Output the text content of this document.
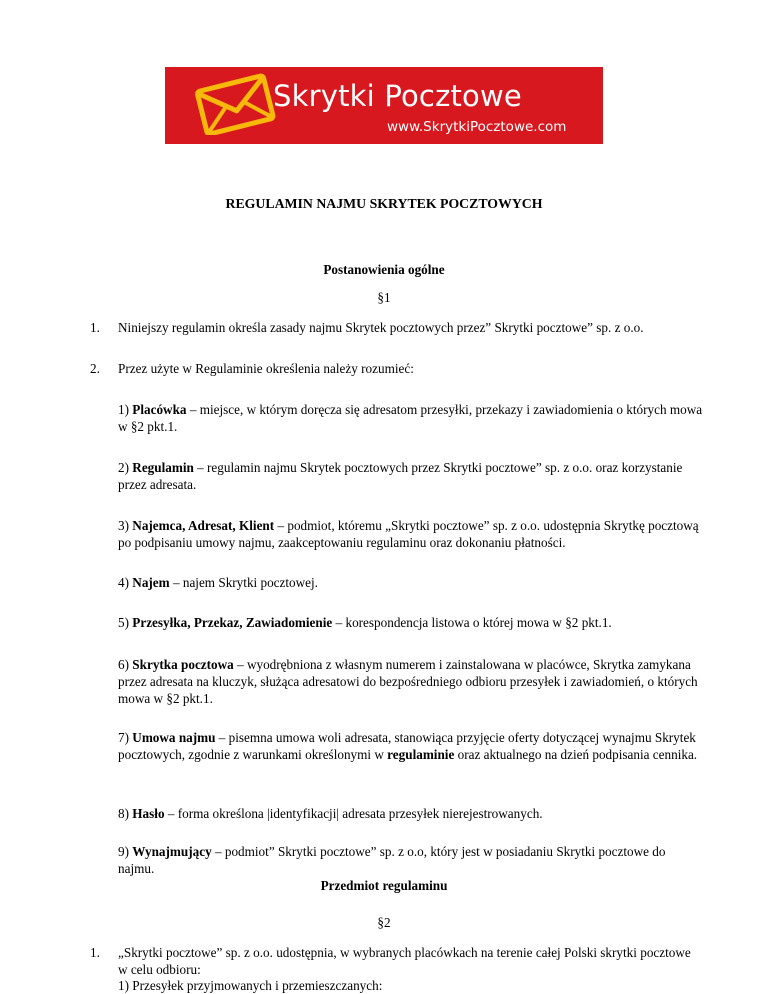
Skrytki Pocztowe
www.SkrytkiPocztowe.com
REGULAMIN NAJMU SKRYTEK POCZTOWYCH
Postanowienia ogólne
§1
1.	Niniejszy regulamin określa zasady najmu Skrytek pocztowych przez” Skrytki pocztowe” sp. z o.o.
2.	Przez użyte w Regulaminie określenia należy rozumieć:

1) Placówka – miejsce, w którym doręcza się adresatom przesyłki, przekazy i zawiadomienia o których mowa w §2 pkt.1.

2) Regulamin – regulamin najmu Skrytek pocztowych przez Skrytki pocztowe” sp. z o.o. oraz korzystanie przez adresata.

3) Najemca, Adresat, Klient – podmiot, któremu „Skrytki pocztowe” sp. z o.o. udostępnia Skrytkę pocztową po podpisaniu umowy najmu, zaakceptowaniu regulaminu oraz dokonaniu płatności.

4) Najem – najem Skrytki pocztowej.

5) Przesyłka, Przekaz, Zawiadomienie – korespondencja listowa o której mowa w §2 pkt.1.

6) Skrytka pocztowa – wyodrębniona z własnym numerem i zainstalowana w placówce, Skrytka zamykana przez adresata na kluczyk, służąca adresatowi do bezpośredniego odbioru przesyłek i zawiadomień, o których mowa w §2 pkt.1.

7) Umowa najmu – pisemna umowa woli adresata, stanowiąca przyjęcie oferty dotyczącej wynajmu Skrytek pocztowych, zgodnie z warunkami określonymi w regulaminie oraz aktualnego na dzień podpisania cennika.

8) Hasło – forma określona |identyfikacji| adresata przesyłek nierejestrowanych.

9) Wynajmujący – podmiot” Skrytki pocztowe” sp. z o.o, który jest w posiadaniu Skrytki pocztowe do najmu.

Przedmiot regulaminu
§2
1.	„Skrytki pocztowe” sp. z o.o. udostępnia, w wybranych placówkach na terenie całej Polski skrytki pocztowe w celu odbioru:

1) Przesyłek przyjmowanych i przemieszczanych:
